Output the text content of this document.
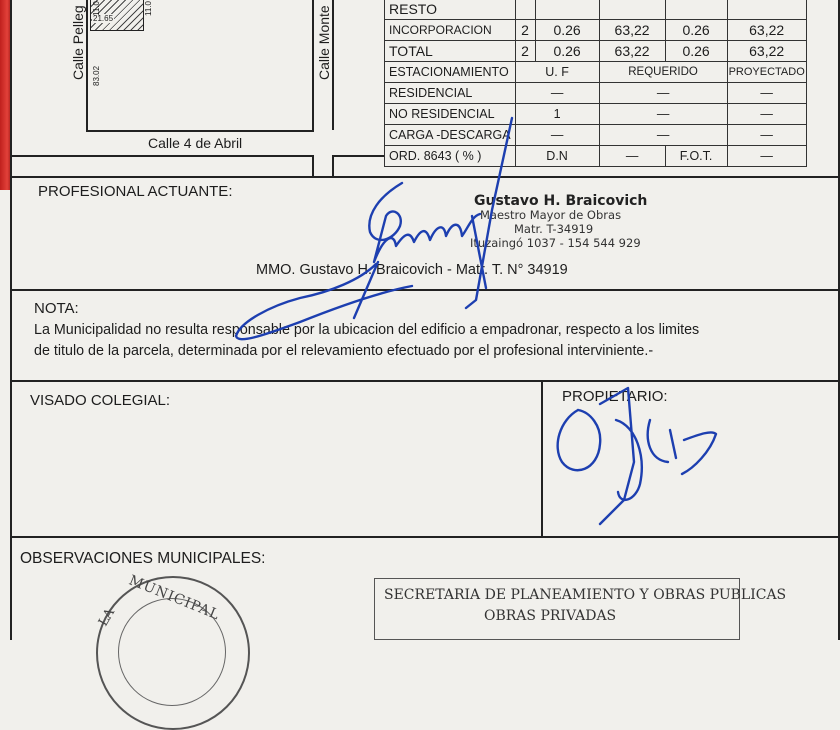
21.65
11.0	11.0
83.02
Calle Pelleg	Calle Monte
Calle 4 de Abril
RESTO					
INCORPORACION	2	0.26	63,22	0.26	63,22
TOTAL	2	0.26	63,22	0.26	63,22
ESTACIONAMIENTO	U. F		REQUERIDO		PROYECTADO
RESIDENCIAL	—		—		—
NO RESIDENCIAL	1		—		—
CARGA -DESCARGA	—		—		—
ORD. 8643 ( % )	D.N		—	F.O.T.	—
PROFESIONAL ACTUANTE:
Gustavo H. Braicovich
Maestro Mayor de Obras
Matr. T-34919
Ituzaingó 1037 - 154 544 929
MMO. Gustavo H. Braicovich - Matr. T. N° 34919
NOTA:
La Municipalidad no resulta responsable por la ubicacion del edificio a empadronar, respecto a los limites
de titulo de la parcela, determinada por el relevamiento efectuado por el profesional interviniente.-
VISADO COLEGIAL:	PROPIETARIO:
OBSERVACIONES MUNICIPALES:
MUNICIPAL
LA
SECRETARIA DE PLANEAMIENTO Y OBRAS PUBLICAS
OBRAS PRIVADAS
